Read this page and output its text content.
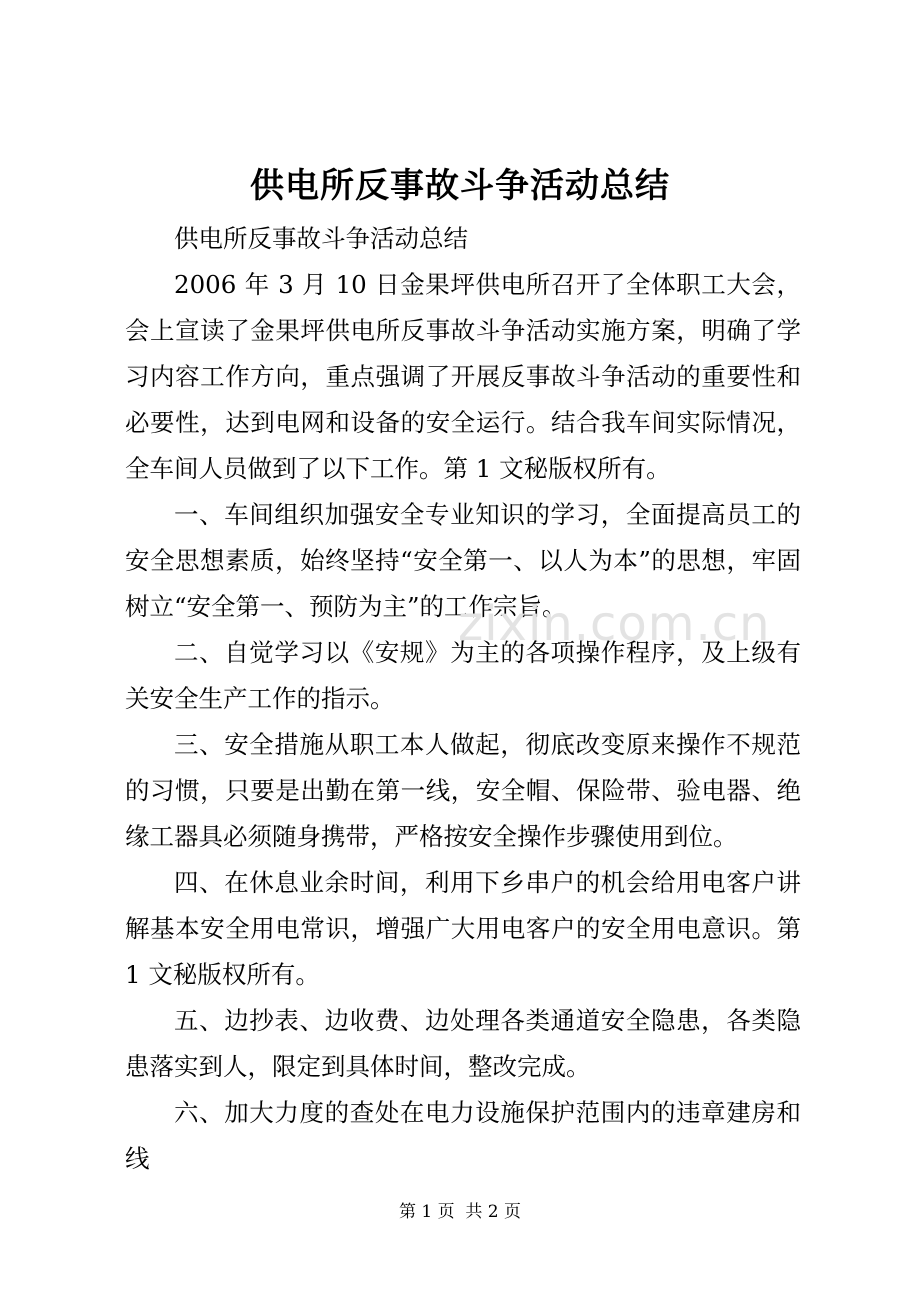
供电所反事故斗争活动总结

供电所反事故斗争活动总结

2006 年 3 月 10 日金果坪供电所召开了全体职工大会，会上宣读了金果坪供电所反事故斗争活动实施方案，明确了学习内容工作方向，重点强调了开展反事故斗争活动的重要性和必要性，达到电网和设备的安全运行。结合我车间实际情况，全车间人员做到了以下工作。第 1 文秘版权所有。

一、车间组织加强安全专业知识的学习，全面提高员工的安全思想素质，始终坚持“安全第一、以人为本”的思想，牢固树立“安全第一、预防为主”的工作宗旨。

二、自觉学习以《安规》为主的各项操作程序，及上级有关安全生产工作的指示。

三、安全措施从职工本人做起，彻底改变原来操作不规范的习惯，只要是出勤在第一线，安全帽、保险带、验电器、绝缘工器具必须随身携带，严格按安全操作步骤使用到位。

四、在休息业余时间，利用下乡串户的机会给用电客户讲解基本安全用电常识，增强广大用电客户的安全用电意识。第 1 文秘版权所有。

五、边抄表、边收费、边处理各类通道安全隐患，各类隐患落实到人，限定到具体时间，整改完成。

六、加大力度的查处在电力设施保护范围内的违章建房和线

zixin.com.cn
第 1 页  共 2 页
